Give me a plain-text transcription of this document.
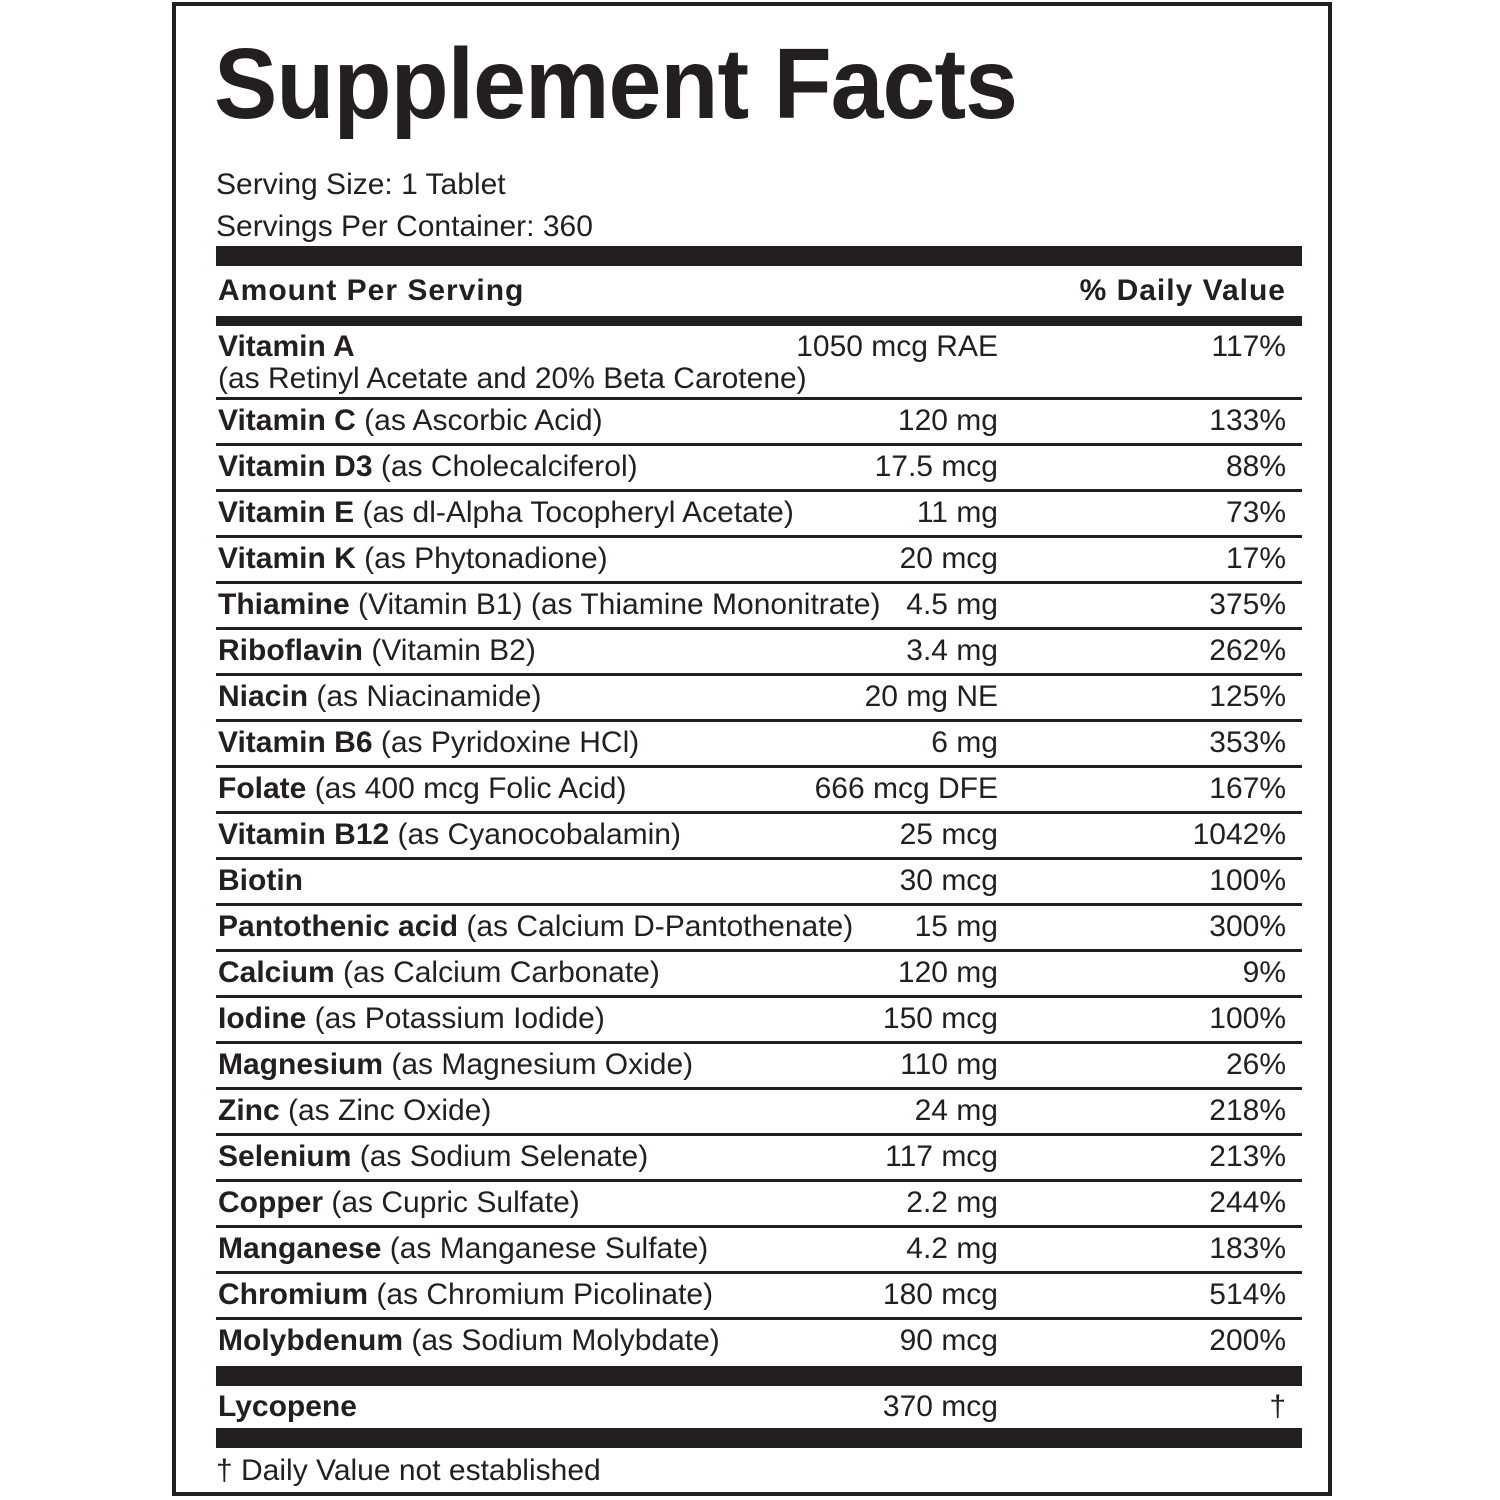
Supplement Facts
Serving Size: 1 Tablet
Servings Per Container: 360
Amount Per Serving	% Daily Value
Vitamin A
(as Retinyl Acetate and 20% Beta Carotene)
1050 mcg RAE	117%
Vitamin C (as Ascorbic Acid)	120 mg	133%
Vitamin D3 (as Cholecalciferol)	17.5 mcg	88%
Vitamin E (as dl-Alpha Tocopheryl Acetate)	11 mg	73%
Vitamin K (as Phytonadione)	20 mcg	17%
Thiamine (Vitamin B1) (as Thiamine Mononitrate) 4.5 mg	375%
Riboflavin (Vitamin B2)	3.4 mg	262%
Niacin (as Niacinamide)	20 mg NE	125%
Vitamin B6 (as Pyridoxine HCl)	6 mg	353%
Folate (as 400 mcg Folic Acid)	666 mcg DFE	167%
Vitamin B12 (as Cyanocobalamin)	25 mcg	1042%
Biotin	30 mcg	100%
Pantothenic acid (as Calcium D-Pantothenate) 15 mg	300%
Calcium (as Calcium Carbonate)	120 mg	9%
Iodine (as Potassium Iodide)	150 mcg	100%
Magnesium (as Magnesium Oxide)	110 mg	26%
Zinc (as Zinc Oxide)	24 mg	218%
Selenium (as Sodium Selenate)	117 mcg	213%
Copper (as Cupric Sulfate)	2.2 mg	244%
Manganese (as Manganese Sulfate)	4.2 mg	183%
Chromium (as Chromium Picolinate)	180 mcg	514%
Molybdenum (as Sodium Molybdate)	90 mcg	200%
Lycopene	370 mcg	†
† Daily Value not established
